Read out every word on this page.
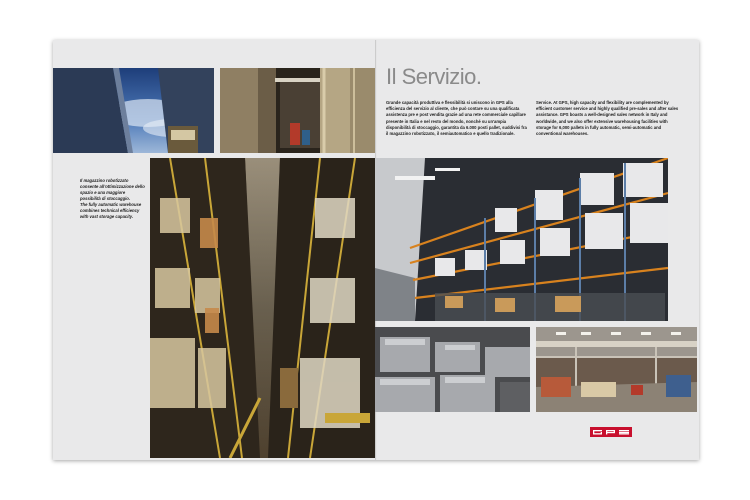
Il Servizio.

Grande capacità produttiva e flessibilità si uniscono in GPS alla efficienza del servizio al cliente, che può contare su una qualificata assistenza pre e post vendita grazie ad una rete commerciale capillare presente in Italia e nel resto del mondo, nonché su un'ampia disponibilità di stoccaggio, garantita da 6.000 posti pallet, suddivisi fra il magazzino robotizzato, il semiautomatico e quello tradizionale.

Service. At GPS, high capacity and flexibility are complemented by efficient customer service and highly qualified pre-sales and after sales assistance. GPS boasts a well-designed sales network in Italy and worldwide, and we also offer extensive warehousing facilities with storage for 6,000 pallets in fully automatic, semi-automatic and conventional warehouses.

Il magazzino robotizzato consente all'ottimizzazione dello spazio e una maggiore possibilità di stoccaggio.

The fully automatic warehouse combines technical efficiency with vast storage capacity.
